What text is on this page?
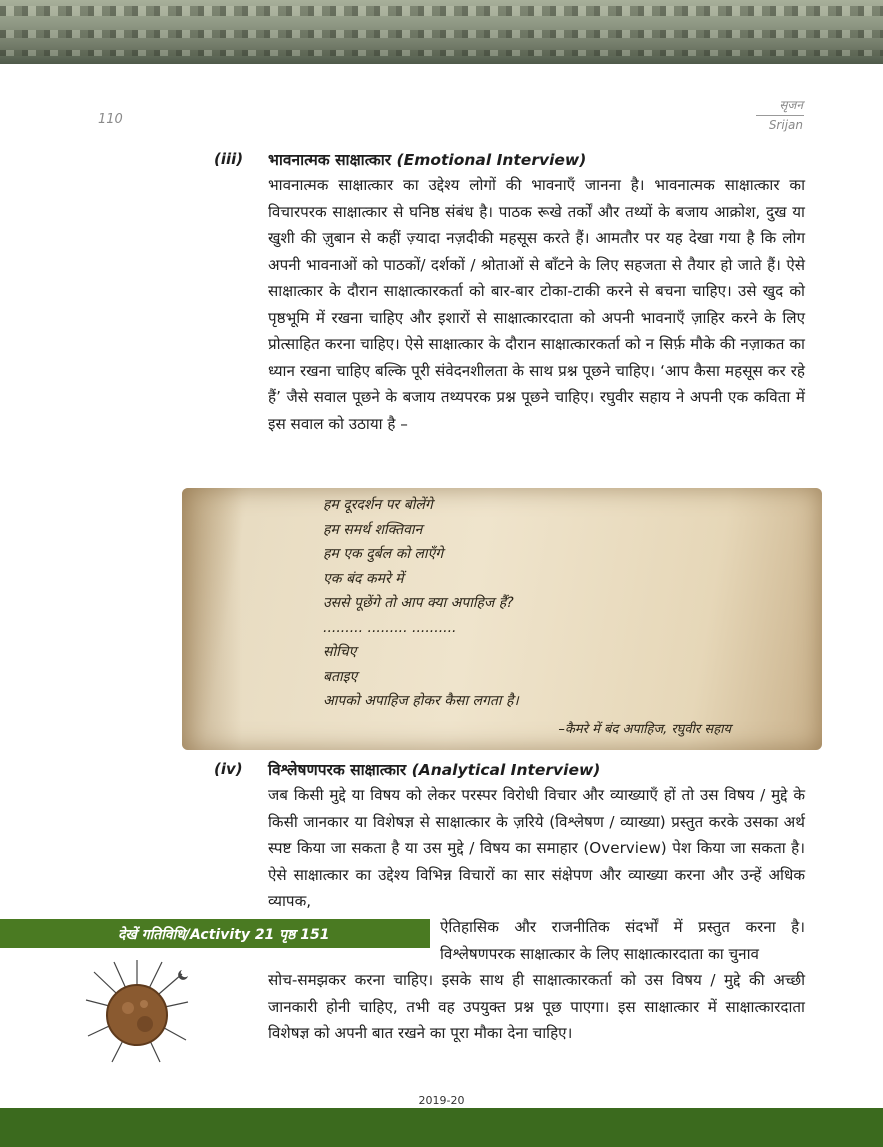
110
सृजन
Srijan
(iii) भावनात्मक साक्षात्कार (Emotional Interview)

भावनात्मक साक्षात्कार का उद्देश्य लोगों की भावनाएँ जानना है। भावनात्मक साक्षात्कार का विचारपरक साक्षात्कार से घनिष्ठ संबंध है। पाठक रूखे तर्कों और तथ्यों के बजाय आक्रोश, दुख या खुशी की ज़ुबान से कहीं ज़्यादा नज़दीकी महसूस करते हैं। आमतौर पर यह देखा गया है कि लोग अपनी भावनाओं को पाठकों/ दर्शकों / श्रोताओं से बाँटने के लिए सहजता से तैयार हो जाते हैं। ऐसे साक्षात्कार के दौरान साक्षात्कारकर्ता को बार-बार टोका-टाकी करने से बचना चाहिए। उसे खुद को पृष्ठभूमि में रखना चाहिए और इशारों से साक्षात्कारदाता को अपनी भावनाएँ ज़ाहिर करने के लिए प्रोत्साहित करना चाहिए। ऐसे साक्षात्कार के दौरान साक्षात्कारकर्ता को न सिर्फ़ मौके की नज़ाकत का ध्यान रखना चाहिए बल्कि पूरी संवेदनशीलता के साथ प्रश्न पूछने चाहिए। ‘आप कैसा महसूस कर रहे हैं’ जैसे सवाल पूछने के बजाय तथ्यपरक प्रश्न पूछने चाहिए। रघुवीर सहाय ने अपनी एक कविता में इस सवाल को उठाया है –

हम दूरदर्शन पर बोलेंगे
हम समर्थ शक्तिवान
हम एक दुर्बल को लाएँगे
एक बंद कमरे में
उससे पूछेंगे तो आप क्या अपाहिज हैं?
......... ......... ..........
सोचिए
बताइए
आपको अपाहिज होकर कैसा लगता है।
–कैमरे में बंद अपाहिज, रघुवीर सहाय
(iv) विश्लेषणपरक साक्षात्कार (Analytical Interview)

जब किसी मुद्दे या विषय को लेकर परस्पर विरोधी विचार और व्याख्याएँ हों तो उस विषय / मुद्दे के किसी जानकार या विशेषज्ञ से साक्षात्कार के ज़रिये (विश्लेषण / व्याख्या) प्रस्तुत करके उसका अर्थ स्पष्ट किया जा सकता है या उस मुद्दे / विषय का समाहार (Overview) पेश किया जा सकता है। ऐसे साक्षात्कार का उद्देश्य विभिन्न विचारों का सार संक्षेपण और व्याख्या करना और उन्हें अधिक व्यापक,

देखें गतिविधि/Activity 21 पृष्ठ 151	ऐतिहासिक और राजनीतिक संदर्भों में प्रस्तुत करना है। विश्लेषणपरक साक्षात्कार के लिए साक्षात्कारदाता का चुनाव

सोच-समझकर करना चाहिए। इसके साथ ही साक्षात्कारकर्ता को उस विषय / मुद्दे की अच्छी जानकारी होनी चाहिए, तभी वह उपयुक्त प्रश्न पूछ पाएगा। इस साक्षात्कार में साक्षात्कारदाता विशेषज्ञ को अपनी बात रखने का पूरा मौका देना चाहिए।

2019-20
